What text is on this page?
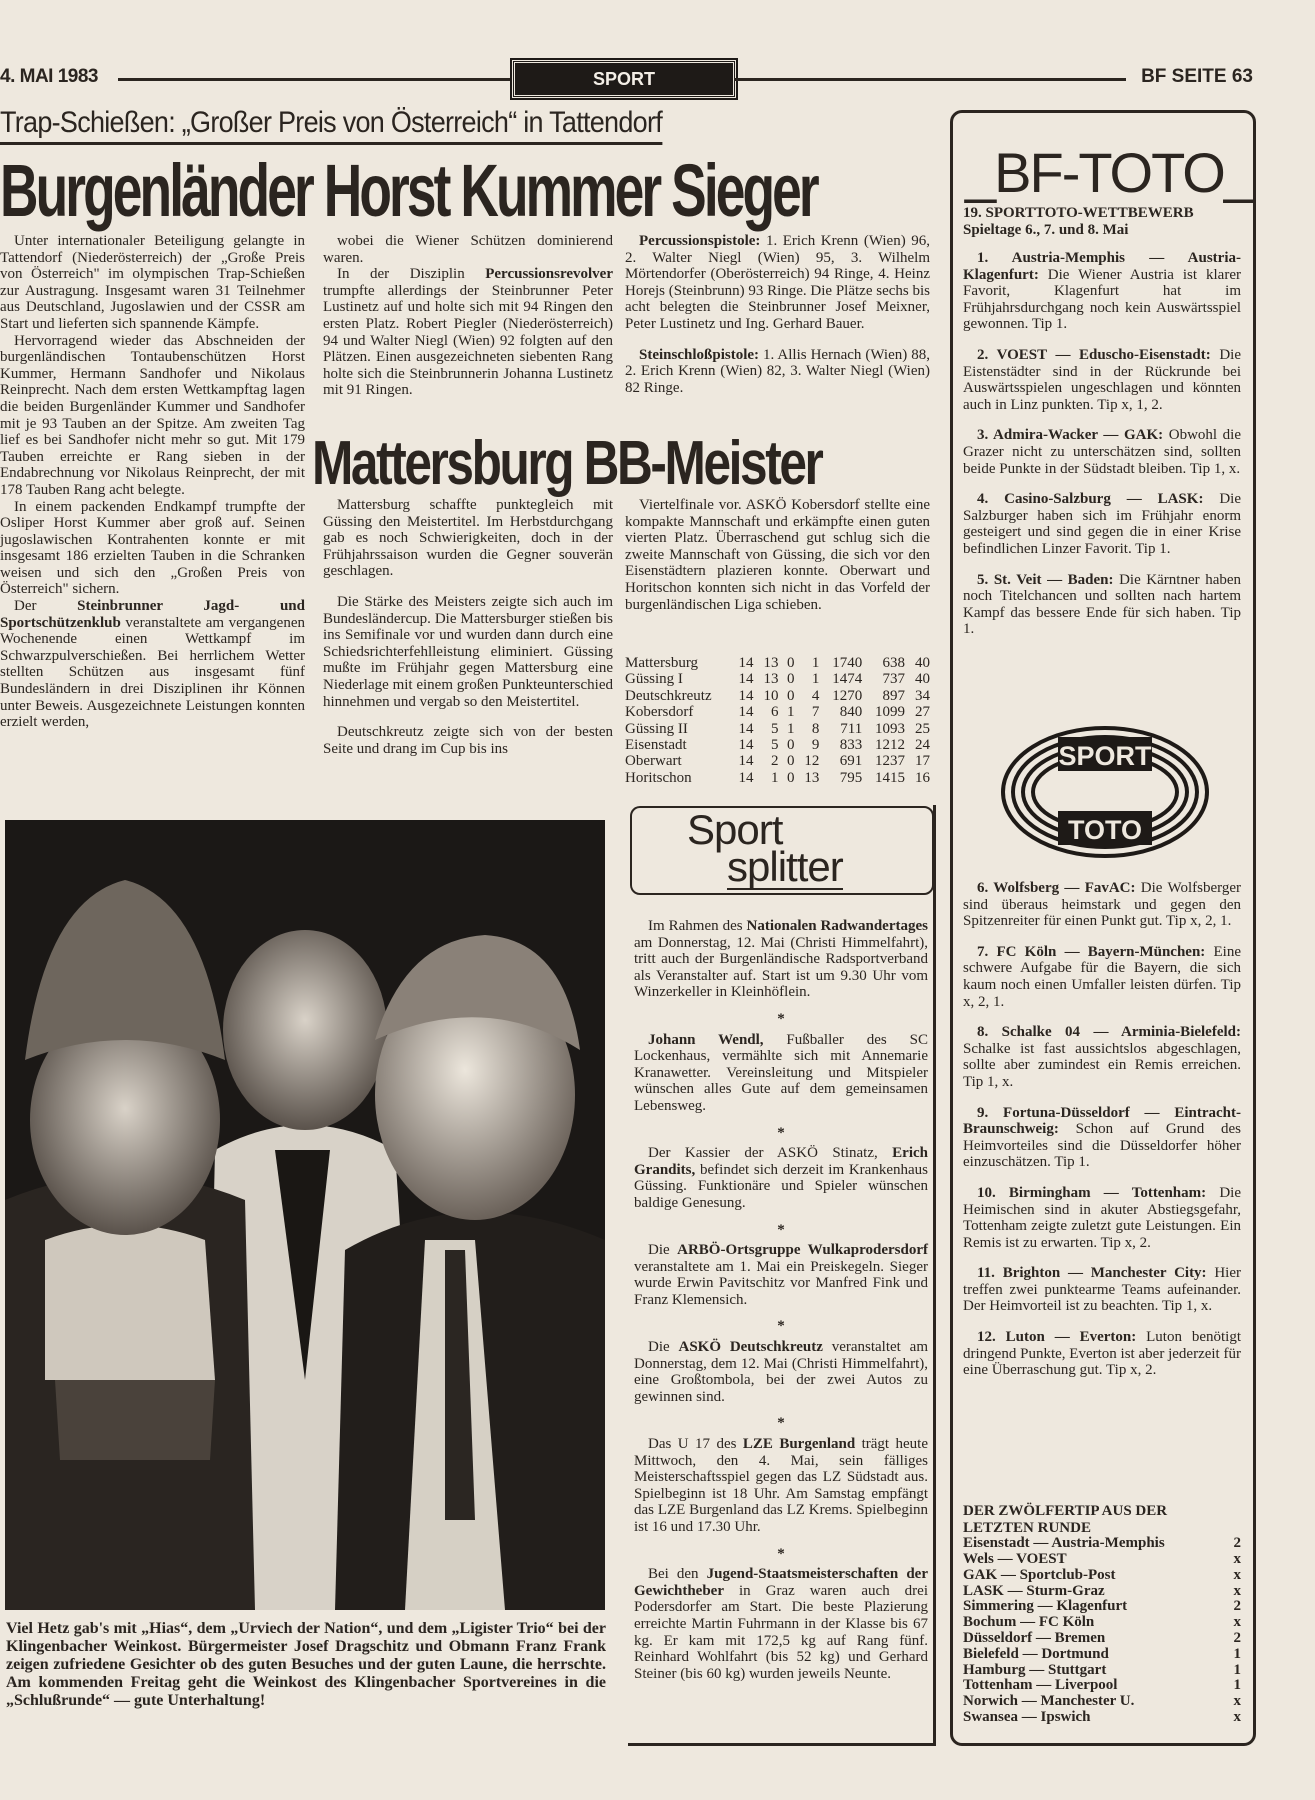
4. MAI 1983	SPORT	BF SEITE 63
Trap-Schießen: „Großer Preis von Österreich“ in Tattendorf
Burgenländer Horst Kummer Sieger

Unter internationaler Beteiligung gelangte in Tattendorf (Niederösterreich) der „Große Preis von Österreich" im olympischen Trap-Schießen zur Austragung. Insgesamt waren 31 Teilnehmer aus Deutschland, Jugoslawien und der CSSR am Start und lieferten sich spannende Kämpfe.

Hervorragend wieder das Abschneiden der burgenländischen Tontaubenschützen Horst Kummer, Hermann Sandhofer und Nikolaus Reinprecht. Nach dem ersten Wettkampftag lagen die beiden Burgenländer Kummer und Sandhofer mit je 93 Tauben an der Spitze. Am zweiten Tag lief es bei Sandhofer nicht mehr so gut. Mit 179 Tauben erreichte er Rang sieben in der Endabrechnung vor Nikolaus Reinprecht, der mit 178 Tauben Rang acht belegte.

In einem packenden Endkampf trumpfte der Osliper Horst Kummer aber groß auf. Seinen jugoslawischen Kontrahenten konnte er mit insgesamt 186 erzielten Tauben in die Schranken weisen und sich den „Großen Preis von Österreich" sichern.

Der Steinbrunner Jagd- und Sportschützenklub veranstaltete am vergangenen Wochenende einen Wettkampf im Schwarzpulverschießen. Bei herrlichem Wetter stellten Schützen aus insgesamt fünf Bundesländern in drei Disziplinen ihr Können unter Beweis. Ausgezeichnete Leistungen konnten erzielt werden,

wobei die Wiener Schützen dominierend waren.

In der Disziplin Percussionsrevolver trumpfte allerdings der Steinbrunner Peter Lustinetz auf und holte sich mit 94 Ringen den ersten Platz. Robert Piegler (Niederösterreich) 94 und Walter Niegl (Wien) 92 folgten auf den Plätzen. Einen ausgezeichneten siebenten Rang holte sich die Steinbrunnerin Johanna Lustinetz mit 91 Ringen.

Percussionspistole: 1. Erich Krenn (Wien) 96, 2. Walter Niegl (Wien) 95, 3. Wilhelm Mörtendorfer (Oberösterreich) 94 Ringe, 4. Heinz Horejs (Steinbrunn) 93 Ringe. Die Plätze sechs bis acht belegten die Steinbrunner Josef Meixner, Peter Lustinetz und Ing. Gerhard Bauer.

Steinschloßpistole: 1. Allis Hernach (Wien) 88, 2. Erich Krenn (Wien) 82, 3. Walter Niegl (Wien) 82 Ringe.

Mattersburg BB-Meister

Mattersburg schaffte punktegleich mit Güssing den Meistertitel. Im Herbstdurchgang gab es noch Schwierigkeiten, doch in der Frühjahrssaison wurden die Gegner souverän geschlagen.

Die Stärke des Meisters zeigte sich auch im Bundesländercup. Die Mattersburger stießen bis ins Semifinale vor und wurden dann durch eine Schiedsrichterfehlleistung eliminiert. Güssing mußte im Frühjahr gegen Mattersburg eine Niederlage mit einem großen Punkteunterschied hinnehmen und vergab so den Meistertitel.

Deutschkreutz zeigte sich von der besten Seite und drang im Cup bis ins

Viertelfinale vor. ASKÖ Kobersdorf stellte eine kompakte Mannschaft und erkämpfte einen guten vierten Platz. Überraschend gut schlug sich die zweite Mannschaft von Güssing, die sich vor den Eisenstädtern plazieren konnte. Oberwart und Horitschon konnten sich nicht in das Vorfeld der burgenländischen Liga schieben.

Mattersburg	14	13	0	1	1740	638	40
Güssing I	14	13	0	1	1474	737	40
Deutschkreutz	14	10	0	4	1270	897	34
Kobersdorf	14	6	1	7	840	1099	27
Güssing II	14	5	1	8	711	1093	25
Eisenstadt	14	5	0	9	833	1212	24
Oberwart	14	2	0	12	691	1237	17
Horitschon	14	1	0	13	795	1415	16
Viel Hetz gab's mit „Hias“, dem „Urviech der Nation“, und dem „Ligister Trio“ bei der Klingenbacher Weinkost. Bürgermeister Josef Dragschitz und Obmann Franz Frank zeigen zufriedene Gesichter ob des guten Besuches und der guten Laune, die herrschte. Am kommenden Freitag geht die Weinkost des Klingenbacher Sportvereines in die „Schlußrunde“ — gute Unterhaltung!
Sport
splitter

Im Rahmen des Nationalen Radwandertages am Donnerstag, 12. Mai (Christi Himmelfahrt), tritt auch der Burgenländische Radsportverband als Veranstalter auf. Start ist um 9.30 Uhr vom Winzerkeller in Kleinhöflein.

*

Johann Wendl, Fußballer des SC Lockenhaus, vermählte sich mit Annemarie Kranawetter. Vereinsleitung und Mitspieler wünschen alles Gute auf dem gemeinsamen Lebensweg.

*

Der Kassier der ASKÖ Stinatz, Erich Grandits, befindet sich derzeit im Krankenhaus Güssing. Funktionäre und Spieler wünschen baldige Genesung.

*

Die ARBÖ-Ortsgruppe Wulkaprodersdorf veranstaltete am 1. Mai ein Preiskegeln. Sieger wurde Erwin Pavitschitz vor Manfred Fink und Franz Klemensich.

*

Die ASKÖ Deutschkreutz veranstaltet am Donnerstag, dem 12. Mai (Christi Himmelfahrt), eine Großtombola, bei der zwei Autos zu gewinnen sind.

*

Das U 17 des LZE Burgenland trägt heute Mittwoch, den 4. Mai, sein fälliges Meisterschaftsspiel gegen das LZ Südstadt aus. Spielbeginn ist 18 Uhr. Am Samstag empfängt das LZE Burgenland das LZ Krems. Spielbeginn ist 16 und 17.30 Uhr.

*

Bei den Jugend-Staatsmeisterschaften der Gewichtheber in Graz waren auch drei Podersdorfer am Start. Die beste Plazierung erreichte Martin Fuhrmann in der Klasse bis 67 kg. Er kam mit 172,5 kg auf Rang fünf. Reinhard Wohlfahrt (bis 52 kg) und Gerhard Steiner (bis 60 kg) wurden jeweils Neunte.

_BF-TOTO_
19. SPORTTOTO-WETTBEWERB
Spieltage 6., 7. und 8. Mai

1. Austria-Memphis — Austria-Klagenfurt: Die Wiener Austria ist klarer Favorit, Klagenfurt hat im Frühjahrsdurchgang noch kein Auswärtsspiel gewonnen. Tip 1.

2. VOEST — Eduscho-Eisenstadt: Die Eistenstädter sind in der Rückrunde bei Auswärtsspielen ungeschlagen und könnten auch in Linz punkten. Tip x, 1, 2.

3. Admira-Wacker — GAK: Obwohl die Grazer nicht zu unterschätzen sind, sollten beide Punkte in der Südstadt bleiben. Tip 1, x.

4. Casino-Salzburg — LASK: Die Salzburger haben sich im Frühjahr enorm gesteigert und sind gegen die in einer Krise befindlichen Linzer Favorit. Tip 1.

5. St. Veit — Baden: Die Kärntner haben noch Titelchancen und sollten nach hartem Kampf das bessere Ende für sich haben. Tip 1.

SPORT
TOTO

6. Wolfsberg — FavAC: Die Wolfsberger sind überaus heimstark und gegen den Spitzenreiter für einen Punkt gut. Tip x, 2, 1.

7. FC Köln — Bayern-München: Eine schwere Aufgabe für die Bayern, die sich kaum noch einen Umfaller leisten dürfen. Tip x, 2, 1.

8. Schalke 04 — Arminia-Bielefeld: Schalke ist fast aussichtslos abgeschlagen, sollte aber zumindest ein Remis erreichen. Tip 1, x.

9. Fortuna-Düsseldorf — Eintracht-Braunschweig: Schon auf Grund des Heimvorteiles sind die Düsseldorfer höher einzuschätzen. Tip 1.

10. Birmingham — Tottenham: Die Heimischen sind in akuter Abstiegsgefahr, Tottenham zeigte zuletzt gute Leistungen. Ein Remis ist zu erwarten. Tip x, 2.

11. Brighton — Manchester City: Hier treffen zwei punktearme Teams aufeinander. Der Heimvorteil ist zu beachten. Tip 1, x.

12. Luton — Everton: Luton benötigt dringend Punkte, Everton ist aber jederzeit für eine Überraschung gut. Tip x, 2.

DER ZWÖLFERTIP AUS DER LETZTEN RUNDE
Eisenstadt — Austria-Memphis	2
Wels — VOEST	x
GAK — Sportclub-Post	x
LASK — Sturm-Graz	x
Simmering — Klagenfurt	2
Bochum — FC Köln	x
Düsseldorf — Bremen	2
Bielefeld — Dortmund	1
Hamburg — Stuttgart	1
Tottenham — Liverpool	1
Norwich — Manchester U.	x
Swansea — Ipswich	x
